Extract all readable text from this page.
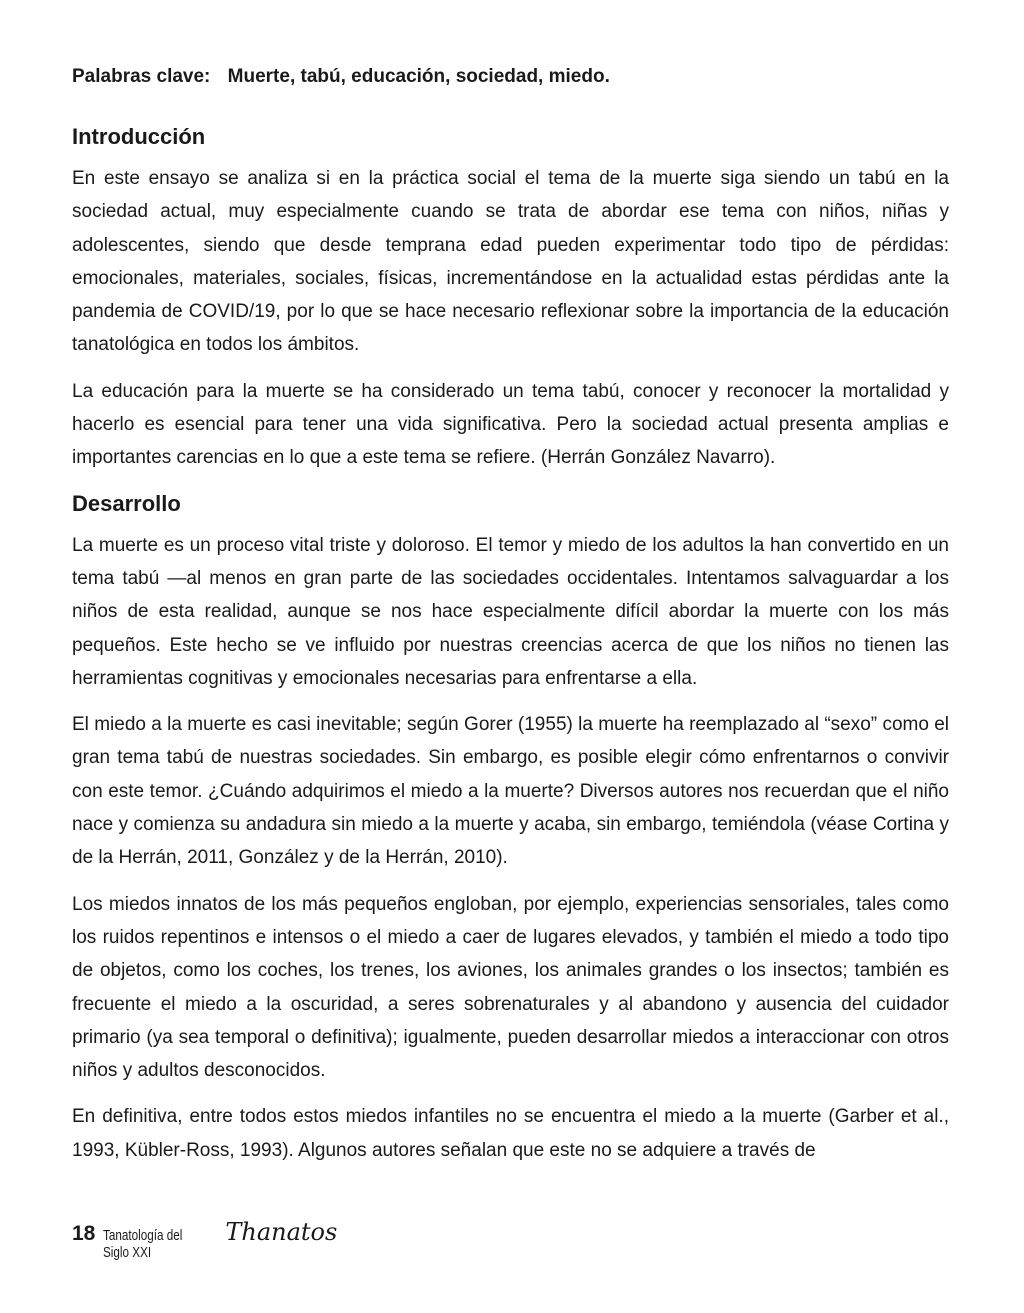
Palabras clave: Muerte, tabú, educación, sociedad, miedo.
Introducción

En este ensayo se analiza si en la práctica social el tema de la muerte siga siendo un tabú en la sociedad actual, muy especialmente cuando se trata de abordar ese tema con niños, niñas y adolescentes, siendo que desde temprana edad pueden experimentar todo tipo de pérdidas: emocionales, materiales, sociales, físicas, incrementándose en la actualidad estas pérdidas ante la pandemia de COVID/19, por lo que se hace necesario reflexionar sobre la importancia de la educación tanatológica en todos los ámbitos.

La educación para la muerte se ha considerado un tema tabú, conocer y reconocer la mortalidad y hacerlo es esencial para tener una vida significativa. Pero la sociedad actual presenta amplias e importantes carencias en lo que a este tema se refiere. (Herrán González Navarro).

Desarrollo

La muerte es un proceso vital triste y doloroso. El temor y miedo de los adultos la han convertido en un tema tabú —al menos en gran parte de las sociedades occidentales. Intentamos salvaguardar a los niños de esta realidad, aunque se nos hace especialmente difícil abordar la muerte con los más pequeños. Este hecho se ve influido por nuestras creencias acerca de que los niños no tienen las herramientas cognitivas y emocionales necesarias para enfrentarse a ella.

El miedo a la muerte es casi inevitable; según Gorer (1955) la muerte ha reemplazado al “sexo” como el gran tema tabú de nuestras sociedades. Sin embargo, es posible elegir cómo enfrentarnos o convivir con este temor. ¿Cuándo adquirimos el miedo a la muerte? Diversos autores nos recuerdan que el niño nace y comienza su andadura sin miedo a la muerte y acaba, sin embargo, temiéndola (véase Cortina y de la Herrán, 2011, González y de la Herrán, 2010).

Los miedos innatos de los más pequeños engloban, por ejemplo, experiencias sensoriales, tales como los ruidos repentinos e intensos o el miedo a caer de lugares elevados, y también el miedo a todo tipo de objetos, como los coches, los trenes, los aviones, los animales grandes o los insectos; también es frecuente el miedo a la oscuridad, a seres sobrenaturales y al abandono y ausencia del cuidador primario (ya sea temporal o definitiva); igualmente, pueden desarrollar miedos a interaccionar con otros niños y adultos desconocidos.

En definitiva, entre todos estos miedos infantiles no se encuentra el miedo a la muerte (Garber et al., 1993, Kübler-Ross, 1993). Algunos autores señalan que este no se adquiere a través de

18 Tanatología del Siglo XXI
Thanatos
